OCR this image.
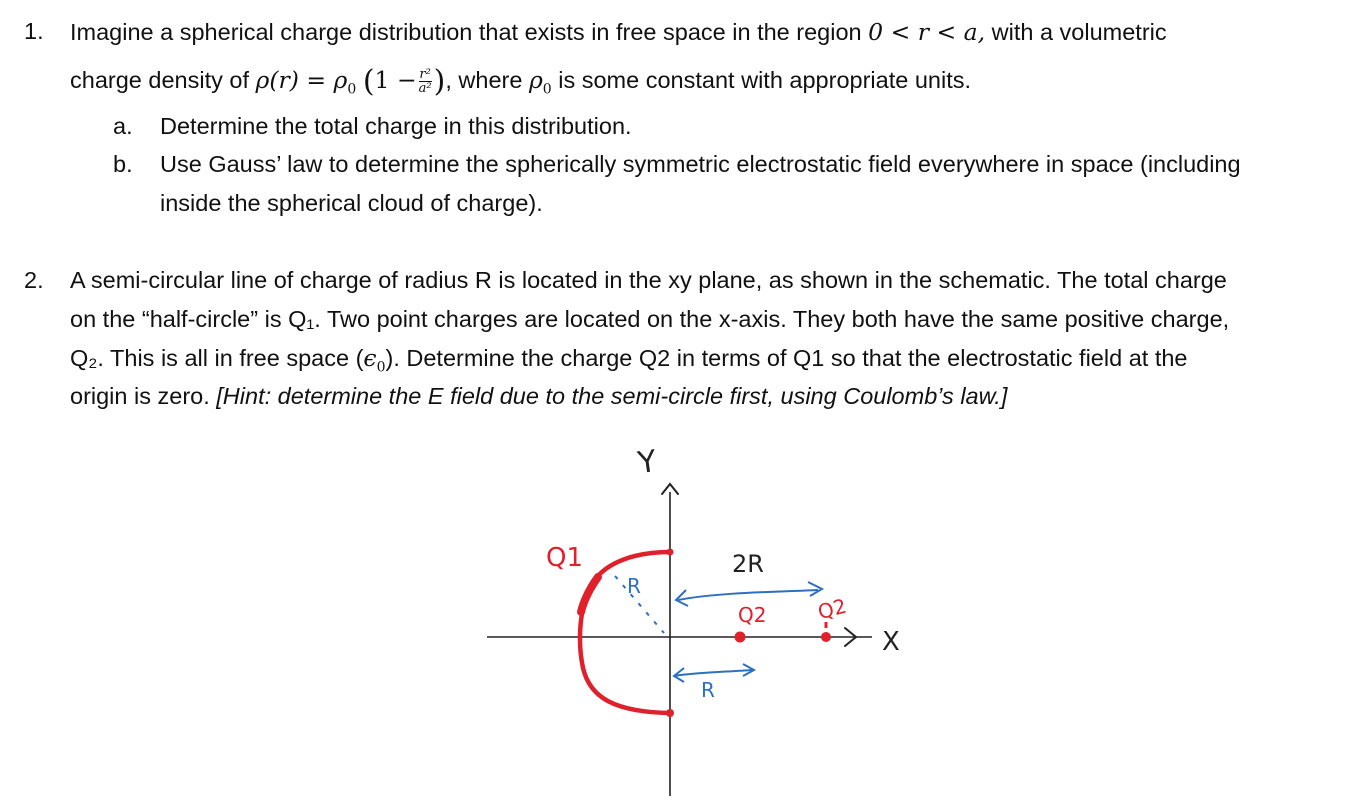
1. Imagine a spherical charge distribution that exists in free space in the region 0 < r < a, with a volumetric
charge density of $\rho(r) = \rho_0$ ($1 - \frac{\text{r²}}{\text{a²}}$ ), where $\rho_0$ is some constant with appropriate units.
a. Determine the total charge in this distribution.
b. Use Gauss’ law to determine the spherically symmetric electrostatic field everywhere in space (including
inside the spherical cloud of charge).
2. A semi-circular line of charge of radius R is located in the xy plane, as shown in the schematic. The total charge
on the “half-circle” is Q₁. Two point charges are located on the x-axis. They both have the same positive charge,
Q₂. This is all in free space $(\epsilon_0)$. Determine the charge Q2 in terms of Q1 so that the electrostatic field at the
origin is zero. [Hint: determine the E field due to the semi-circle first, using Coulomb’s law.]
Y
X
Q1
R
2R
Q2 Q2
R
